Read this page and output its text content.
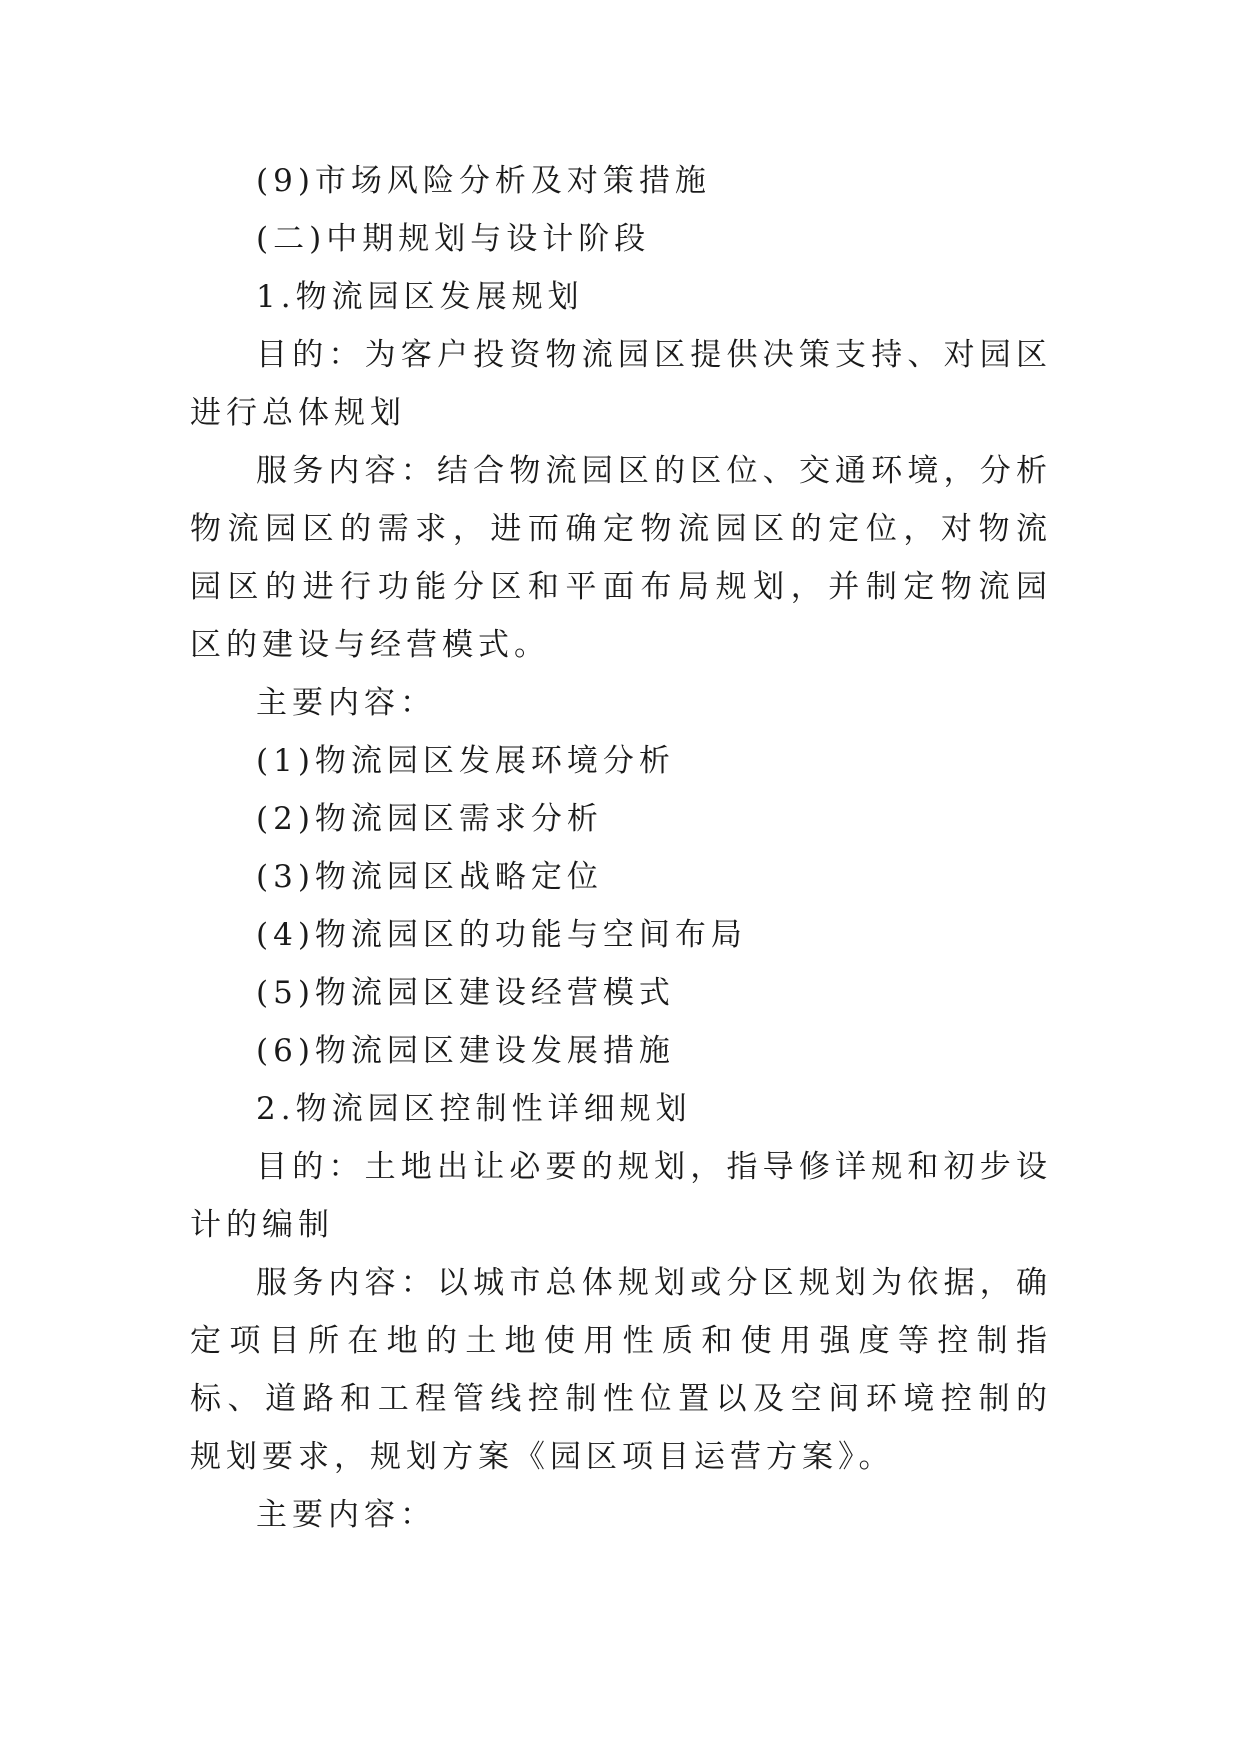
(9)市场风险分析及对策措施

(二)中期规划与设计阶段

1.物流园区发展规划

目的：为客户投资物流园区提供决策支持、对园区进行总体规划

服务内容：结合物流园区的区位、交通环境，分析物流园区的需求，进而确定物流园区的定位，对物流园区的进行功能分区和平面布局规划，并制定物流园区的建设与经营模式。

主要内容：

(1)物流园区发展环境分析

(2)物流园区需求分析

(3)物流园区战略定位

(4)物流园区的功能与空间布局

(5)物流园区建设经营模式

(6)物流园区建设发展措施

2.物流园区控制性详细规划

目的：土地出让必要的规划，指导修详规和初步设计的编制

服务内容：以城市总体规划或分区规划为依据，确定项目所在地的土地使用性质和使用强度等控制指标、道路和工程管线控制性位置以及空间环境控制的规划要求，规划方案《园区项目运营方案》。

主要内容：
